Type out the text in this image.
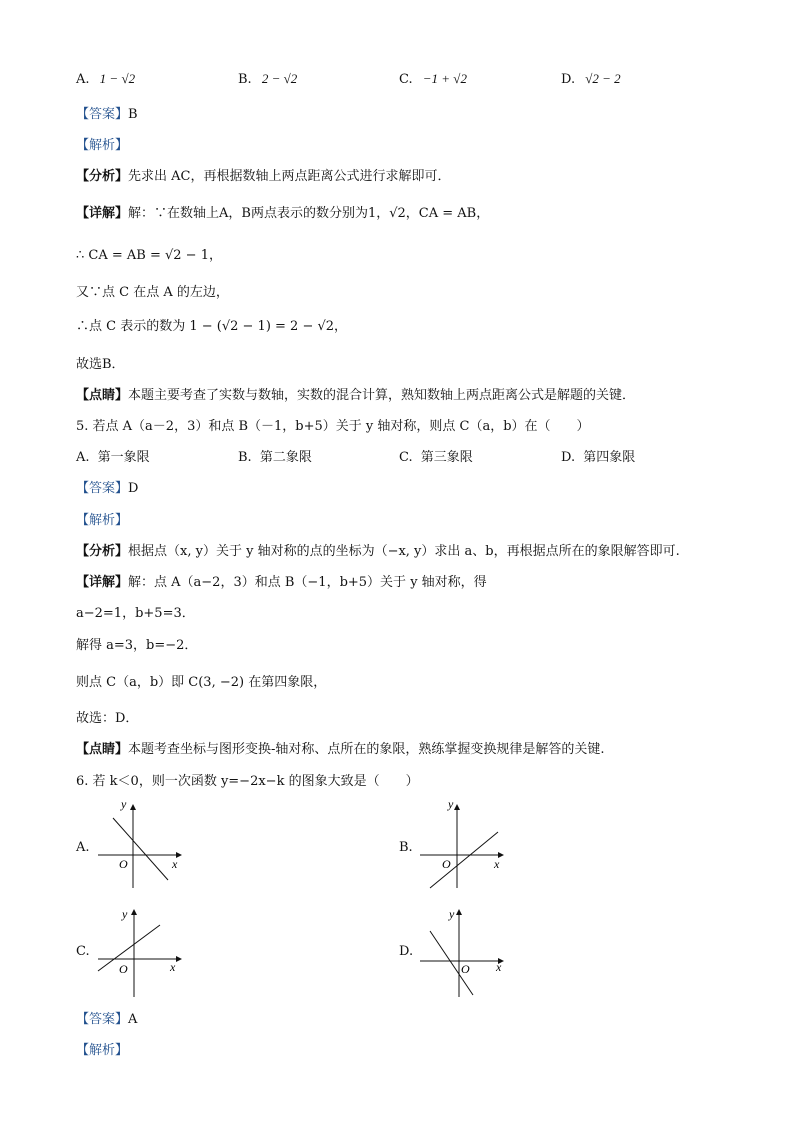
A. 1 − √2	B. 2 − √2	C. −1 + √2	D. √2 − 2
【答案】B
【解析】
【分析】先求出 AC，再根据数轴上两点距离公式进行求解即可．
【详解】解：∵在数轴上A，B两点表示的数分别为1，√2，CA = AB，
∴ CA = AB = √2 − 1，
又∵点 C 在点 A 的左边，
∴点 C 表示的数为 1 − (√2 − 1) = 2 − √2，
故选B．
【点睛】本题主要考查了实数与数轴，实数的混合计算，熟知数轴上两点距离公式是解题的关键．
5. 若点 A（a－2，3）和点 B（－1，b+5）关于 y 轴对称，则点 C（a，b）在（　　）
A. 第一象限	B. 第二象限	C. 第三象限	D. 第四象限
【答案】D
【解析】
【分析】根据点（x, y）关于 y 轴对称的点的坐标为（−x, y）求出 a、b，再根据点所在的象限解答即可.
【详解】解：点 A（a−2，3）和点 B（−1，b+5）关于 y 轴对称，得
a−2=1，b+5=3．
解得 a=3，b=−2．
则点 C（a，b）即 C(3, −2) 在第四象限，
故选：D．
【点睛】本题考查坐标与图形变换-轴对称、点所在的象限，熟练掌握变换规律是解答的关键.
6. 若 k＜0，则一次函数 y=−2x−k 的图象大致是（　　）
A.
y
x
O
B.
y
x
O
C.
y
x
O
D.
y
x
O
【答案】A
【解析】
